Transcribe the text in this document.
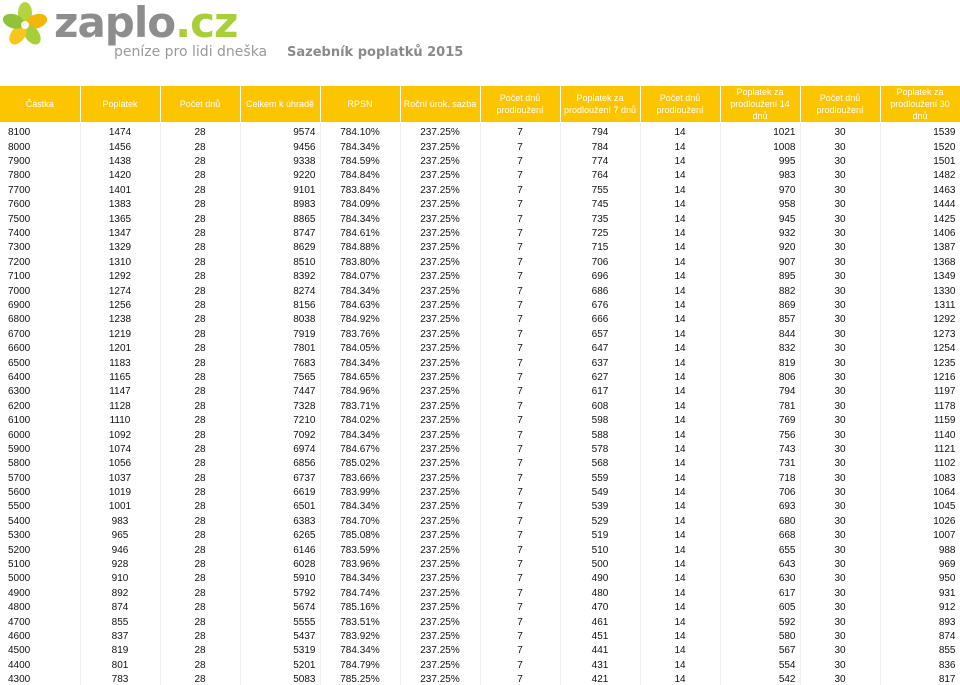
zaplo.cz
peníze pro lidi dneška Sazebník poplatků 2015
Částka	Poplatek	Počet dnů	Celkem k úhradě	RPSN	Roční úrok. sazba	Počet dnů prodloužení	Poplatek za prodloužení 7 dnů	Počet dnů prodloužení	Poplatek za prodloužení 14 dnů	Počet dnů prodloužení	Poplatek za prodloužení 30 dnů
8100	1474	28	9574	784.10%	237.25%	7	794	14	1021	30	1539
8000	1456	28	9456	784.34%	237.25%	7	784	14	1008	30	1520
7900	1438	28	9338	784.59%	237.25%	7	774	14	995	30	1501
7800	1420	28	9220	784.84%	237.25%	7	764	14	983	30	1482
7700	1401	28	9101	783.84%	237.25%	7	755	14	970	30	1463
7600	1383	28	8983	784.09%	237.25%	7	745	14	958	30	1444
7500	1365	28	8865	784.34%	237.25%	7	735	14	945	30	1425
7400	1347	28	8747	784.61%	237.25%	7	725	14	932	30	1406
7300	1329	28	8629	784.88%	237.25%	7	715	14	920	30	1387
7200	1310	28	8510	783.80%	237.25%	7	706	14	907	30	1368
7100	1292	28	8392	784.07%	237.25%	7	696	14	895	30	1349
7000	1274	28	8274	784.34%	237.25%	7	686	14	882	30	1330
6900	1256	28	8156	784.63%	237.25%	7	676	14	869	30	1311
6800	1238	28	8038	784.92%	237.25%	7	666	14	857	30	1292
6700	1219	28	7919	783.76%	237.25%	7	657	14	844	30	1273
6600	1201	28	7801	784.05%	237.25%	7	647	14	832	30	1254
6500	1183	28	7683	784.34%	237.25%	7	637	14	819	30	1235
6400	1165	28	7565	784.65%	237.25%	7	627	14	806	30	1216
6300	1147	28	7447	784.96%	237.25%	7	617	14	794	30	1197
6200	1128	28	7328	783.71%	237.25%	7	608	14	781	30	1178
6100	1110	28	7210	784.02%	237.25%	7	598	14	769	30	1159
6000	1092	28	7092	784.34%	237.25%	7	588	14	756	30	1140
5900	1074	28	6974	784.67%	237.25%	7	578	14	743	30	1121
5800	1056	28	6856	785.02%	237.25%	7	568	14	731	30	1102
5700	1037	28	6737	783.66%	237.25%	7	559	14	718	30	1083
5600	1019	28	6619	783.99%	237.25%	7	549	14	706	30	1064
5500	1001	28	6501	784.34%	237.25%	7	539	14	693	30	1045
5400	983	28	6383	784.70%	237.25%	7	529	14	680	30	1026
5300	965	28	6265	785.08%	237.25%	7	519	14	668	30	1007
5200	946	28	6146	783.59%	237.25%	7	510	14	655	30	988
5100	928	28	6028	783.96%	237.25%	7	500	14	643	30	969
5000	910	28	5910	784.34%	237.25%	7	490	14	630	30	950
4900	892	28	5792	784.74%	237.25%	7	480	14	617	30	931
4800	874	28	5674	785.16%	237.25%	7	470	14	605	30	912
4700	855	28	5555	783.51%	237.25%	7	461	14	592	30	893
4600	837	28	5437	783.92%	237.25%	7	451	14	580	30	874
4500	819	28	5319	784.34%	237.25%	7	441	14	567	30	855
4400	801	28	5201	784.79%	237.25%	7	431	14	554	30	836
4300	783	28	5083	785.25%	237.25%	7	421	14	542	30	817
